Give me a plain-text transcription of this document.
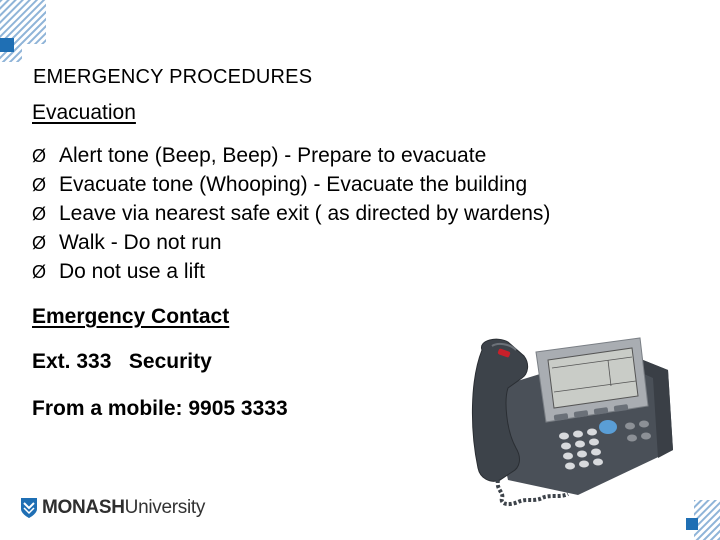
EMERGENCY PROCEDURES
Evacuation
Ø Alert tone (Beep, Beep) - Prepare to evacuate
Ø Evacuate tone (Whooping) - Evacuate the building
Ø Leave via nearest safe exit ( as directed by wardens)
Ø Walk - Do not run
Ø Do not use a lift
Emergency Contact
Ext. 333   Security
From a mobile: 9905 3333
MONASHUniversity
